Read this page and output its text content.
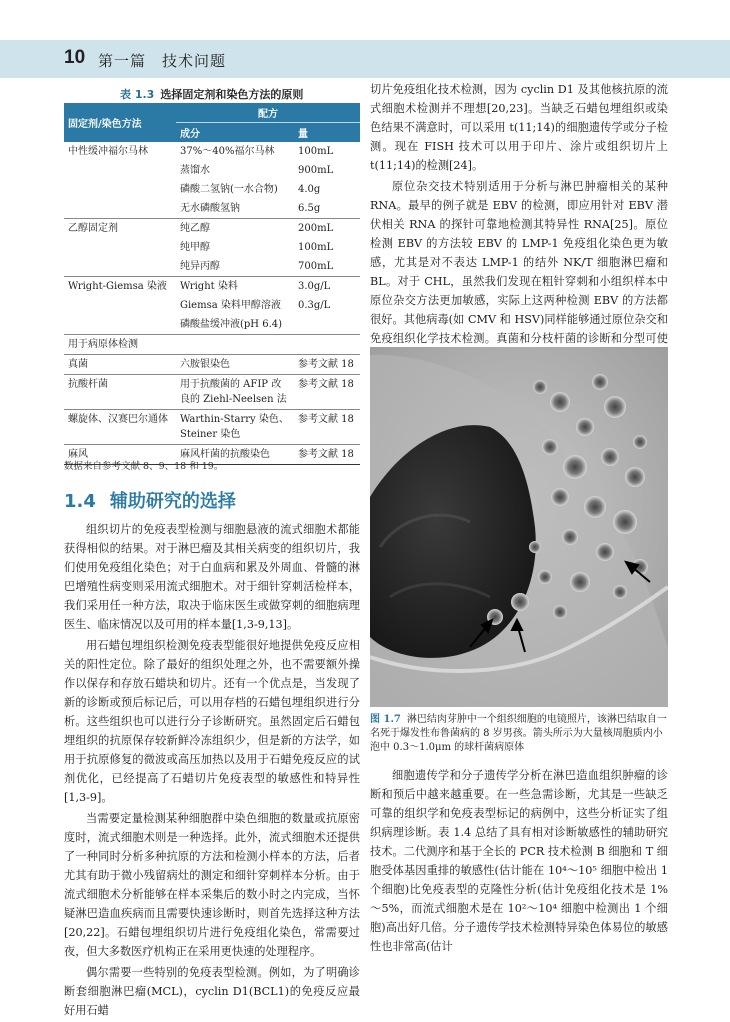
10 第一篇　技术问题
表 1.3 选择固定剂和染色方法的原则
固定剂/染色方法	配方	
	成分	量
中性缓冲福尔马林	37%～40%福尔马林	100mL
	蒸馏水	900mL
	磷酸二氢钠(一水合物)	4.0g
	无水磷酸氢钠	6.5g
乙醇固定剂	纯乙醇	200mL
	纯甲醇	100mL
	纯异丙醇	700mL
Wright-Giemsa 染液	Wright 染料	3.0g/L
	Giemsa 染料甲醇溶液	0.3g/L
	磷酸盐缓冲液(pH 6.4)	
用于病原体检测		
真菌	六胺银染色	参考文献 18
抗酸杆菌	用于抗酸菌的 AFIP 改良的 Ziehl-Neelsen 法	参考文献 18
螺旋体、汉赛巴尔通体	Warthin-Starry 染色、Steiner 染色	参考文献 18
麻风	麻风杆菌的抗酸染色	参考文献 18
数据来自参考文献 8、9、18 和 19。
1.4 辅助研究的选择

组织切片的免疫表型检测与细胞悬液的流式细胞术都能获得相似的结果。对于淋巴瘤及其相关病变的组织切片，我们使用免疫组化染色；对于白血病和累及外周血、骨髓的淋巴增殖性病变则采用流式细胞术。对于细针穿刺活检样本，我们采用任一种方法，取决于临床医生或做穿刺的细胞病理医生、临床情况以及可用的样本量[1,3-9,13]。

用石蜡包埋组织检测免疫表型能很好地提供免疫反应相关的阳性定位。除了最好的组织处理之外，也不需要额外操作以保存和存放石蜡块和切片。还有一个优点是，当发现了新的诊断或预后标记后，可以用存档的石蜡包埋组织进行分析。这些组织也可以进行分子诊断研究。虽然固定后石蜡包埋组织的抗原保存较新鲜冷冻组织少，但是新的方法学，如用于抗原修复的微波或高压加热以及用于石蜡免疫反应的试剂优化，已经提高了石蜡切片免疫表型的敏感性和特异性[1,3-9]。

当需要定量检测某种细胞群中染色细胞的数量或抗原密度时，流式细胞术则是一种选择。此外，流式细胞术还提供了一种同时分析多种抗原的方法和检测小样本的方法，后者尤其有助于微小残留病灶的测定和细针穿刺样本分析。由于流式细胞术分析能够在样本采集后的数小时之内完成，当怀疑淋巴造血疾病而且需要快速诊断时，则首先选择这种方法[20,22]。石蜡包埋组织切片进行免疫组化染色，常需要过夜，但大多数医疗机构正在采用更快速的处理程序。

偶尔需要一些特别的免疫表型检测。例如，为了明确诊断套细胞淋巴瘤(MCL)，cyclin D1(BCL1)的免疫反应最好用石蜡

切片免疫组化技术检测，因为 cyclin D1 及其他核抗原的流式细胞术检测并不理想[20,23]。当缺乏石蜡包埋组织或染色结果不满意时，可以采用 t(11;14)的细胞遗传学或分子检测。现在 FISH 技术可以用于印片、涂片或组织切片上 t(11;14)的检测[24]。

原位杂交技术特别适用于分析与淋巴肿瘤相关的某种 RNA。最早的例子就是 EBV 的检测，即应用针对 EBV 潜伏相关 RNA 的探针可靠地检测其特异性 RNA[25]。原位检测 EBV 的方法较 EBV 的 LMP-1 免疫组化染色更为敏感，尤其是对不表达 LMP-1 的结外 NK/T 细胞淋巴瘤和 BL。对于 CHL，虽然我们发现在粗针穿刺和小组织样本中原位杂交方法更加敏感，实际上这两种检测 EBV 的方法都很好。其他病毒(如 CMV 和 HSV)同样能够通过原位杂交和免疫组织化学技术检测。真菌和分枝杆菌的诊断和分型可使

图 1.7 淋巴结肉芽肿中一个组织细胞的电镜照片，该淋巴结取自一名死于爆发性布鲁菌病的 8 岁男孩。箭头所示为大量核周胞质内小泡中 0.3～1.0μm 的球杆菌病原体

细胞遗传学和分子遗传学分析在淋巴造血组织肿瘤的诊断和预后中越来越重要。在一些急需诊断，尤其是一些缺乏可靠的组织学和免疫表型标记的病例中，这些分析证实了组织病理诊断。表 1.4 总结了具有相对诊断敏感性的辅助研究技术。二代测序和基于全长的 PCR 技术检测 B 细胞和 T 细胞受体基因重排的敏感性(估计能在 10⁴～10⁵ 细胞中检出 1 个细胞)比免疫表型的克隆性分析(估计免疫组化技术是 1%～5%，而流式细胞术是在 10²～10⁴ 细胞中检测出 1 个细胞)高出好几倍。分子遗传学技术检测特异染色体易位的敏感性也非常高(估计
